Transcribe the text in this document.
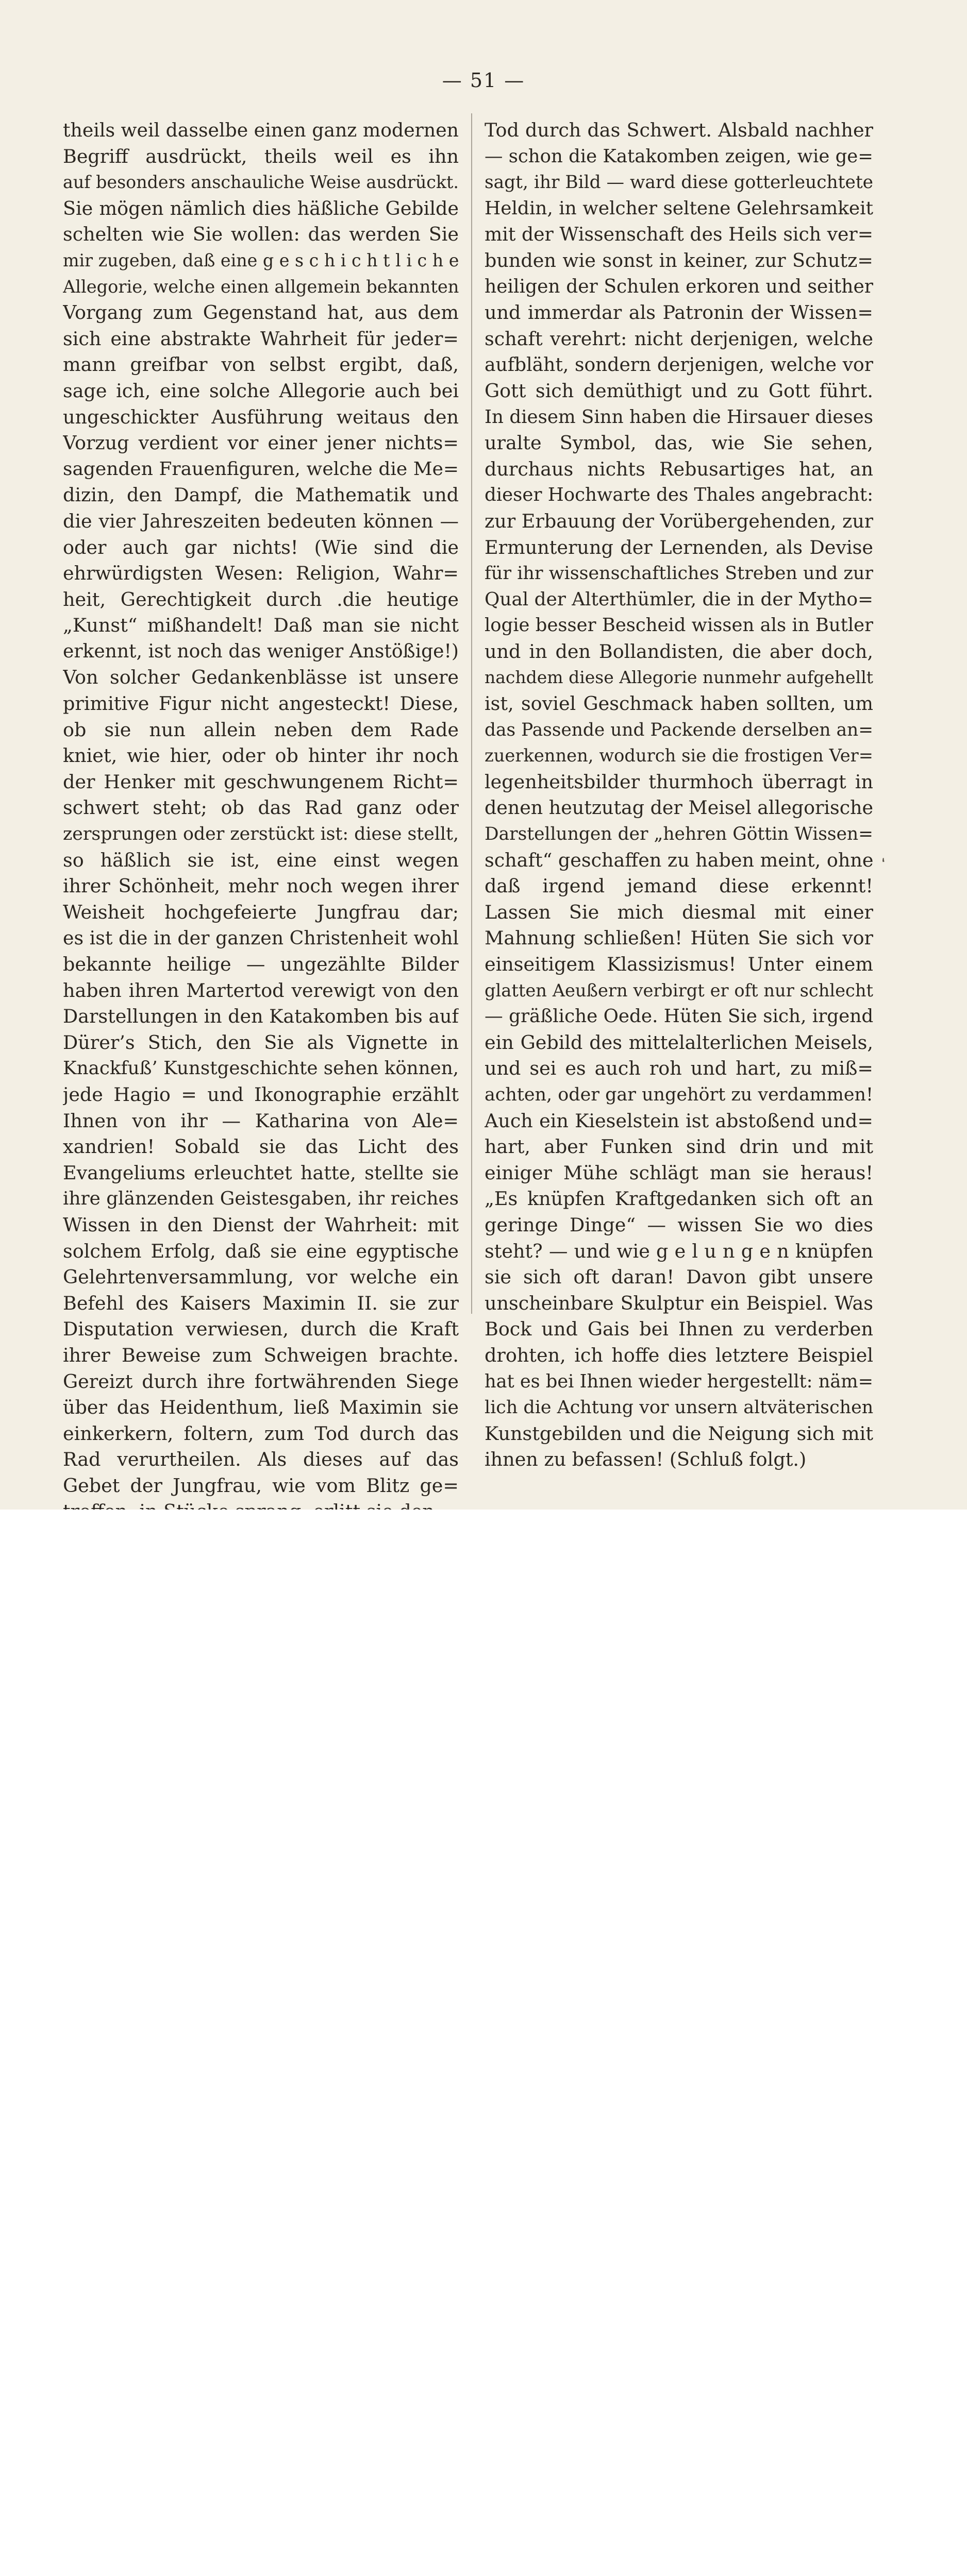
— 51 —
theils weil dasselbe einen ganz modernen
Begriff ausdrückt, theils weil es ihn
auf besonders anschauliche Weise ausdrückt.
Sie mögen nämlich dies häßliche Gebilde
schelten wie Sie wollen: das werden Sie
mir zugeben, daß eine g e s c h i c h t l i c h e
Allegorie, welche einen allgemein bekannten
Vorgang zum Gegenstand hat, aus dem
sich eine abstrakte Wahrheit für jeder=
mann greifbar von selbst ergibt, daß,
sage ich, eine solche Allegorie auch bei
ungeschickter Ausführung weitaus den
Vorzug verdient vor einer jener nichts=
sagenden Frauenfiguren, welche die Me=
dizin, den Dampf, die Mathematik und
die vier Jahreszeiten bedeuten können —
oder auch gar nichts! (Wie sind die
ehrwürdigsten Wesen: Religion, Wahr=
heit, Gerechtigkeit durch .die heutige
„Kunst“ mißhandelt! Daß man sie nicht
erkennt, ist noch das weniger Anstößige!)
Von solcher Gedankenblässe ist unsere
primitive Figur nicht angesteckt! Diese,
ob sie nun allein neben dem Rade
kniet, wie hier, oder ob hinter ihr noch
der Henker mit geschwungenem Richt=
schwert steht; ob das Rad ganz oder
zersprungen oder zerstückt ist: diese stellt,
so häßlich sie ist, eine einst wegen
ihrer Schönheit, mehr noch wegen ihrer
Weisheit hochgefeierte Jungfrau dar;
es ist die in der ganzen Christenheit wohl
bekannte heilige — ungezählte Bilder
haben ihren Martertod verewigt von den
Darstellungen in den Katakomben bis auf
Dürer’s Stich, den Sie als Vignette in
Knackfuß’ Kunstgeschichte sehen können,
jede Hagio = und Ikonographie erzählt
Ihnen von ihr — Katharina von Ale=
xandrien! Sobald sie das Licht des
Evangeliums erleuchtet hatte, stellte sie
ihre glänzenden Geistesgaben, ihr reiches
Wissen in den Dienst der Wahrheit: mit
solchem Erfolg, daß sie eine egyptische
Gelehrtenversammlung, vor welche ein
Befehl des Kaisers Maximin II. sie zur
Disputation verwiesen, durch die Kraft
ihrer Beweise zum Schweigen brachte.
Gereizt durch ihre fortwährenden Siege
über das Heidenthum, ließ Maximin sie
einkerkern, foltern, zum Tod durch das
Rad verurtheilen. Als dieses auf das
Gebet der Jungfrau, wie vom Blitz ge=
Tod durch das Schwert. Alsbald nachher
— schon die Katakomben zeigen, wie ge=
sagt, ihr Bild — ward diese gotterleuchtete
Heldin, in welcher seltene Gelehrsamkeit
mit der Wissenschaft des Heils sich ver=
bunden wie sonst in keiner, zur Schutz=
heiligen der Schulen erkoren und seither
und immerdar als Patronin der Wissen=
schaft verehrt: nicht derjenigen, welche
aufbläht, sondern derjenigen, welche vor
Gott sich demüthigt und zu Gott führt.
In diesem Sinn haben die Hirsauer dieses
uralte Symbol, das, wie Sie sehen,
durchaus nichts Rebusartiges hat, an
dieser Hochwarte des Thales angebracht:
zur Erbauung der Vorübergehenden, zur
Ermunterung der Lernenden, als Devise
für ihr wissenschaftliches Streben und zur
Qual der Alterthümler, die in der Mytho=
logie besser Bescheid wissen als in Butler
und in den Bollandisten, die aber doch,
nachdem diese Allegorie nunmehr aufgehellt
ist, soviel Geschmack haben sollten, um
das Passende und Packende derselben an=
zuerkennen, wodurch sie die frostigen Ver=
legenheitsbilder thurmhoch überragt in
denen heutzutag der Meisel allegorische
Darstellungen der „hehren Göttin Wissen=
schaft“ geschaffen zu haben meint, ohne
daß irgend jemand diese erkennt!
Lassen Sie mich diesmal mit einer
Mahnung schließen! Hüten Sie sich vor
einseitigem Klassizismus! Unter einem
glatten Aeußern verbirgt er oft nur schlecht
— gräßliche Oede. Hüten Sie sich, irgend
ein Gebild des mittelalterlichen Meisels,
und sei es auch roh und hart, zu miß=
achten, oder gar ungehört zu verdammen!
Auch ein Kieselstein ist abstoßend und=
hart, aber Funken sind drin und mit
einiger Mühe schlägt man sie heraus!
„Es knüpfen Kraftgedanken sich oft an
geringe Dinge“ — wissen Sie wo dies
steht? — und wie g e l u n g e n knüpfen
sie sich oft daran! Davon gibt unsere
unscheinbare Skulptur ein Beispiel. Was
Bock und Gais bei Ihnen zu verderben
drohten, ich hoffe dies letztere Beispiel
hat es bei Ihnen wieder hergestellt: näm=
lich die Achtung vor unsern altväterischen
Kunstgebilden und die Neigung sich mit
ihnen zu befassen! (Schluß folgt.)
‘
